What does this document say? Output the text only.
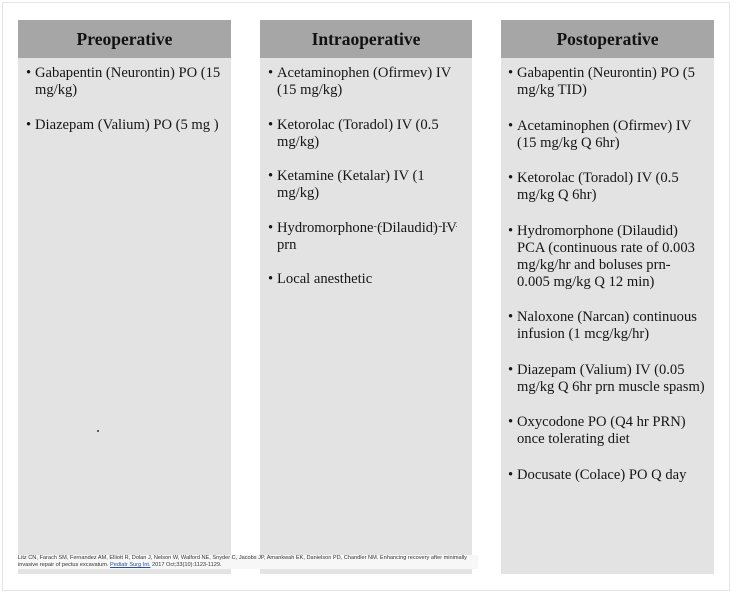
Preoperative
• Gabapentin (Neurontin) PO (15 mg/kg)
• Diazepam (Valium) PO (5 mg )
Intraoperative
• Acetaminophen (Ofirmev) IV (15 mg/kg)
• Ketorolac (Toradol) IV (0.5 mg/kg)
• Ketamine (Ketalar) IV (1 mg/kg)
• Hydromorphone (Dilaudid) IV prn
• Local anesthetic
Postoperative
• Gabapentin (Neurontin) PO (5 mg/kg TID)
• Acetaminophen (Ofirmev) IV (15 mg/kg Q 6hr)
• Ketorolac (Toradol) IV (0.5 mg/kg Q 6hr)
• Hydromorphone (Dilaudid) PCA (continuous rate of 0.003 mg/kg/hr and boluses prn- 0.005 mg/kg Q 12 min)
• Naloxone (Narcan) continuous infusion (1 mcg/kg/hr)
• Diazepam (Valium) IV (0.05 mg/kg Q 6hr prn muscle spasm)
• Oxycodone PO (Q4 hr PRN) once tolerating diet
• Docusate (Colace) PO Q day
Litz CN, Farach SM, Fernandez AM, Elliott R, Dolan J, Nelson W, Walford NE, Snyder C, Jacobs JP, Amankwah EK, Danielson PD, Chandler NM. Enhancing recovery after minimally invasive repair of pectus excavatum. Pediatr Surg Int. 2017 Oct;33(10):1123-1129.
